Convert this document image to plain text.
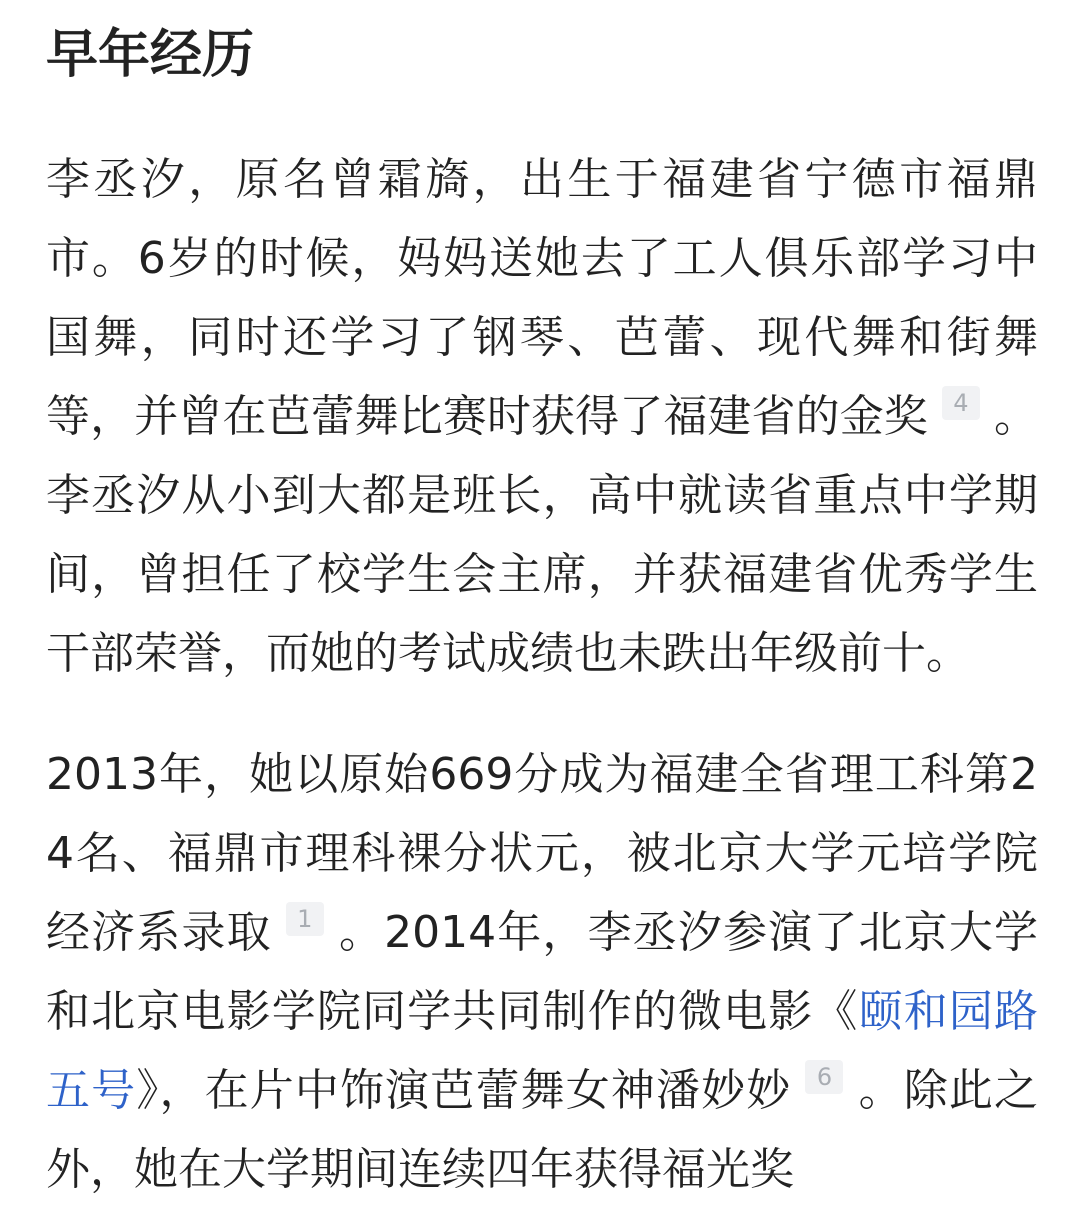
早年经历

李丞汐，原名曾霜旖，出生于福建省宁德市福鼎市。6岁的时候，妈妈送她去了工人俱乐部学习中国舞，同时还学习了钢琴、芭蕾、现代舞和街舞等，并曾在芭蕾舞比赛时获得了福建省的金奖 4 。李丞汐从小到大都是班长，高中就读省重点中学期间，曾担任了校学生会主席，并获福建省优秀学生干部荣誉，而她的考试成绩也未跌出年级前十。

2013年，她以原始669分成为福建全省理工科第24名、福鼎市理科裸分状元，被北京大学元培学院经济系录取 1 。2014年，李丞汐参演了北京大学和北京电影学院同学共同制作的微电影《颐和园路五号》，在片中饰演芭蕾舞女神潘妙妙 6 。除此之外，她在大学期间连续四年获得福光奖
